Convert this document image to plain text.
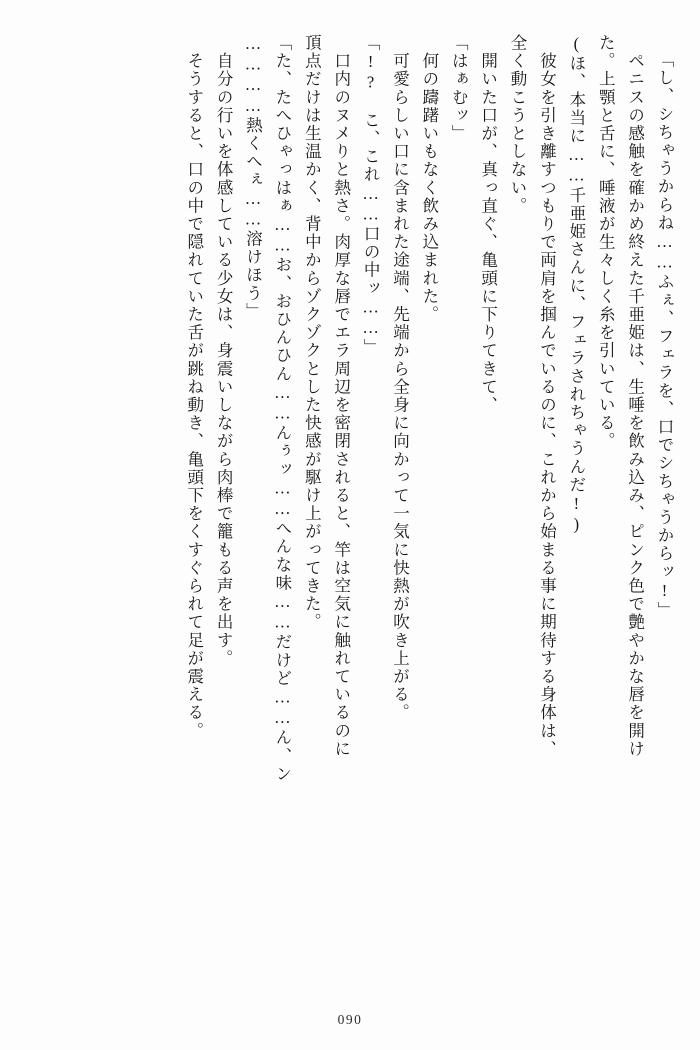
「し、シちゃうからね……ふぇ、フェラを、口でシちゃうからッ!」
　ペニスの感触を確かめ終えた千亜姫は、生唾を飲み込み、ピンク色で艶やかな唇を開け
た。上顎と舌に、唾液が生々しく糸を引いている。
(ほ、本当に……千亜姫さんに、フェラされちゃうんだ!)
　彼女を引き離すつもりで両肩を掴んでいるのに、これから始まる事に期待する身体は、
全く動こうとしない。
　開いた口が、真っ直ぐ、亀頭に下りてきて、
「はぁむッ」
　何の躊躇いもなく飲み込まれた。
　可愛らしい口に含まれた途端、先端から全身に向かって一気に快熱が吹き上がる。
「!?　こ、これ……口の中ッ……」
　口内のヌメりと熱さ。肉厚な唇でエラ周辺を密閉されると、竿は空気に触れているのに
頂点だけは生温かく、背中からゾクゾクとした快感が駆け上がってきた。
「た、たへひゃっはぁ……お、おひんひん……んぅッ……へんな味……だけど……ん、ン
…………熱くへぇ……溶けほう」
　自分の行いを体感している少女は、身震いしながら肉棒で籠もる声を出す。
　そうすると、口の中で隠れていた舌が跳ね動き、亀頭下をくすぐられて足が震える。
090
